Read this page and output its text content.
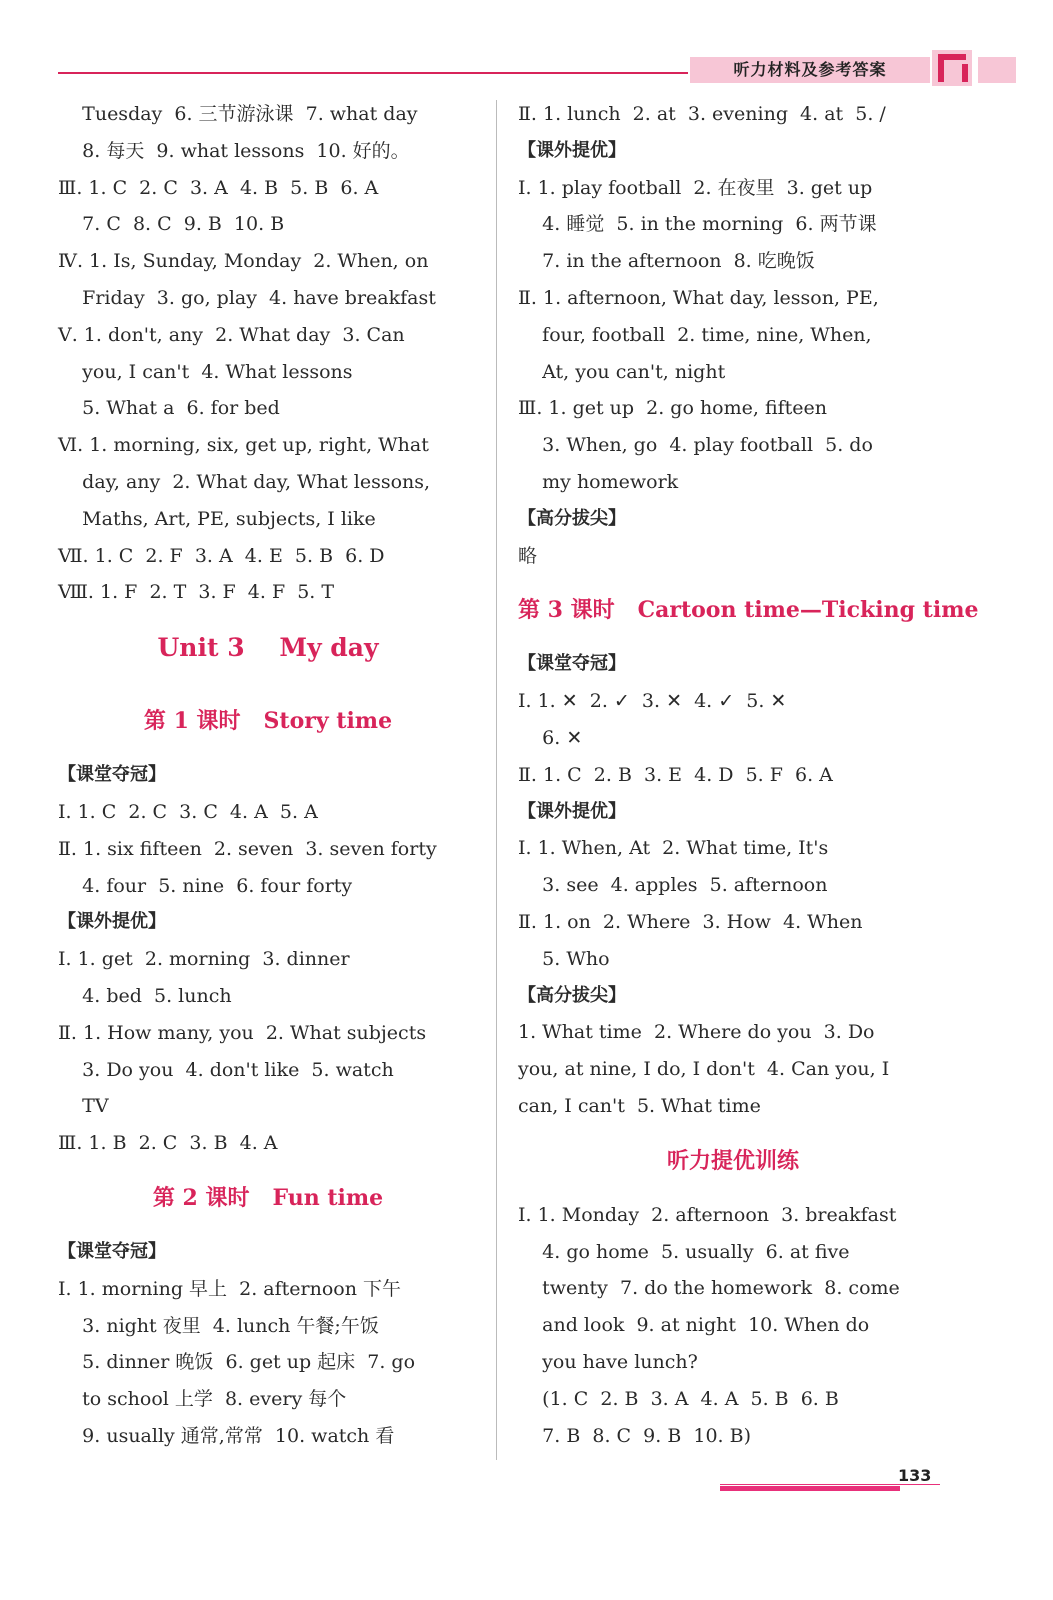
听力材料及参考答案
Tuesday  6. 三节游泳课  7. what day
8. 每天  9. what lessons  10. 好的。
Ⅲ. 1. C  2. C  3. A  4. B  5. B  6. A
7. C  8. C  9. B  10. B
Ⅳ. 1. Is, Sunday, Monday  2. When, on
Friday  3. go, play  4. have breakfast
Ⅴ. 1. don't, any  2. What day  3. Can
you, I can't  4. What lessons
5. What a  6. for bed
Ⅵ. 1. morning, six, get up, right, What
day, any  2. What day, What lessons,
Maths, Art, PE, subjects, I like
Ⅶ. 1. C  2. F  3. A  4. E  5. B  6. D
Ⅷ. 1. F  2. T  3. F  4. F  5. T
Unit 3    My day
第 1 课时   Story time
【课堂夺冠】
Ⅰ. 1. C  2. C  3. C  4. A  5. A
Ⅱ. 1. six fifteen  2. seven  3. seven forty
4. four  5. nine  6. four forty
【课外提优】
Ⅰ. 1. get  2. morning  3. dinner
4. bed  5. lunch
Ⅱ. 1. How many, you  2. What subjects
3. Do you  4. don't like  5. watch
TV
Ⅲ. 1. B  2. C  3. B  4. A
第 2 课时   Fun time
【课堂夺冠】
Ⅰ. 1. morning 早上  2. afternoon 下午
3. night 夜里  4. lunch 午餐;午饭
5. dinner 晚饭  6. get up 起床  7. go
to school 上学  8. every 每个
9. usually 通常,常常  10. watch 看
Ⅱ. 1. lunch  2. at  3. evening  4. at  5. /
【课外提优】
Ⅰ. 1. play football  2. 在夜里  3. get up
4. 睡觉  5. in the morning  6. 两节课
7. in the afternoon  8. 吃晚饭
Ⅱ. 1. afternoon, What day, lesson, PE,
four, football  2. time, nine, When,
At, you can't, night
Ⅲ. 1. get up  2. go home, fifteen
3. When, go  4. play football  5. do
my homework
【高分拔尖】
略
第 3 课时   Cartoon time—Ticking time
【课堂夺冠】
Ⅰ. 1. ✕  2. ✓  3. ✕  4. ✓  5. ✕
6. ✕
Ⅱ. 1. C  2. B  3. E  4. D  5. F  6. A
【课外提优】
Ⅰ. 1. When, At  2. What time, It's
3. see  4. apples  5. afternoon
Ⅱ. 1. on  2. Where  3. How  4. When
5. Who
【高分拔尖】
1. What time  2. Where do you  3. Do
you, at nine, I do, I don't  4. Can you, I
can, I can't  5. What time
听力提优训练
Ⅰ. 1. Monday  2. afternoon  3. breakfast
4. go home  5. usually  6. at five
twenty  7. do the homework  8. come
and look  9. at night  10. When do
you have lunch?
(1. C  2. B  3. A  4. A  5. B  6. B
7. B  8. C  9. B  10. B)
133
